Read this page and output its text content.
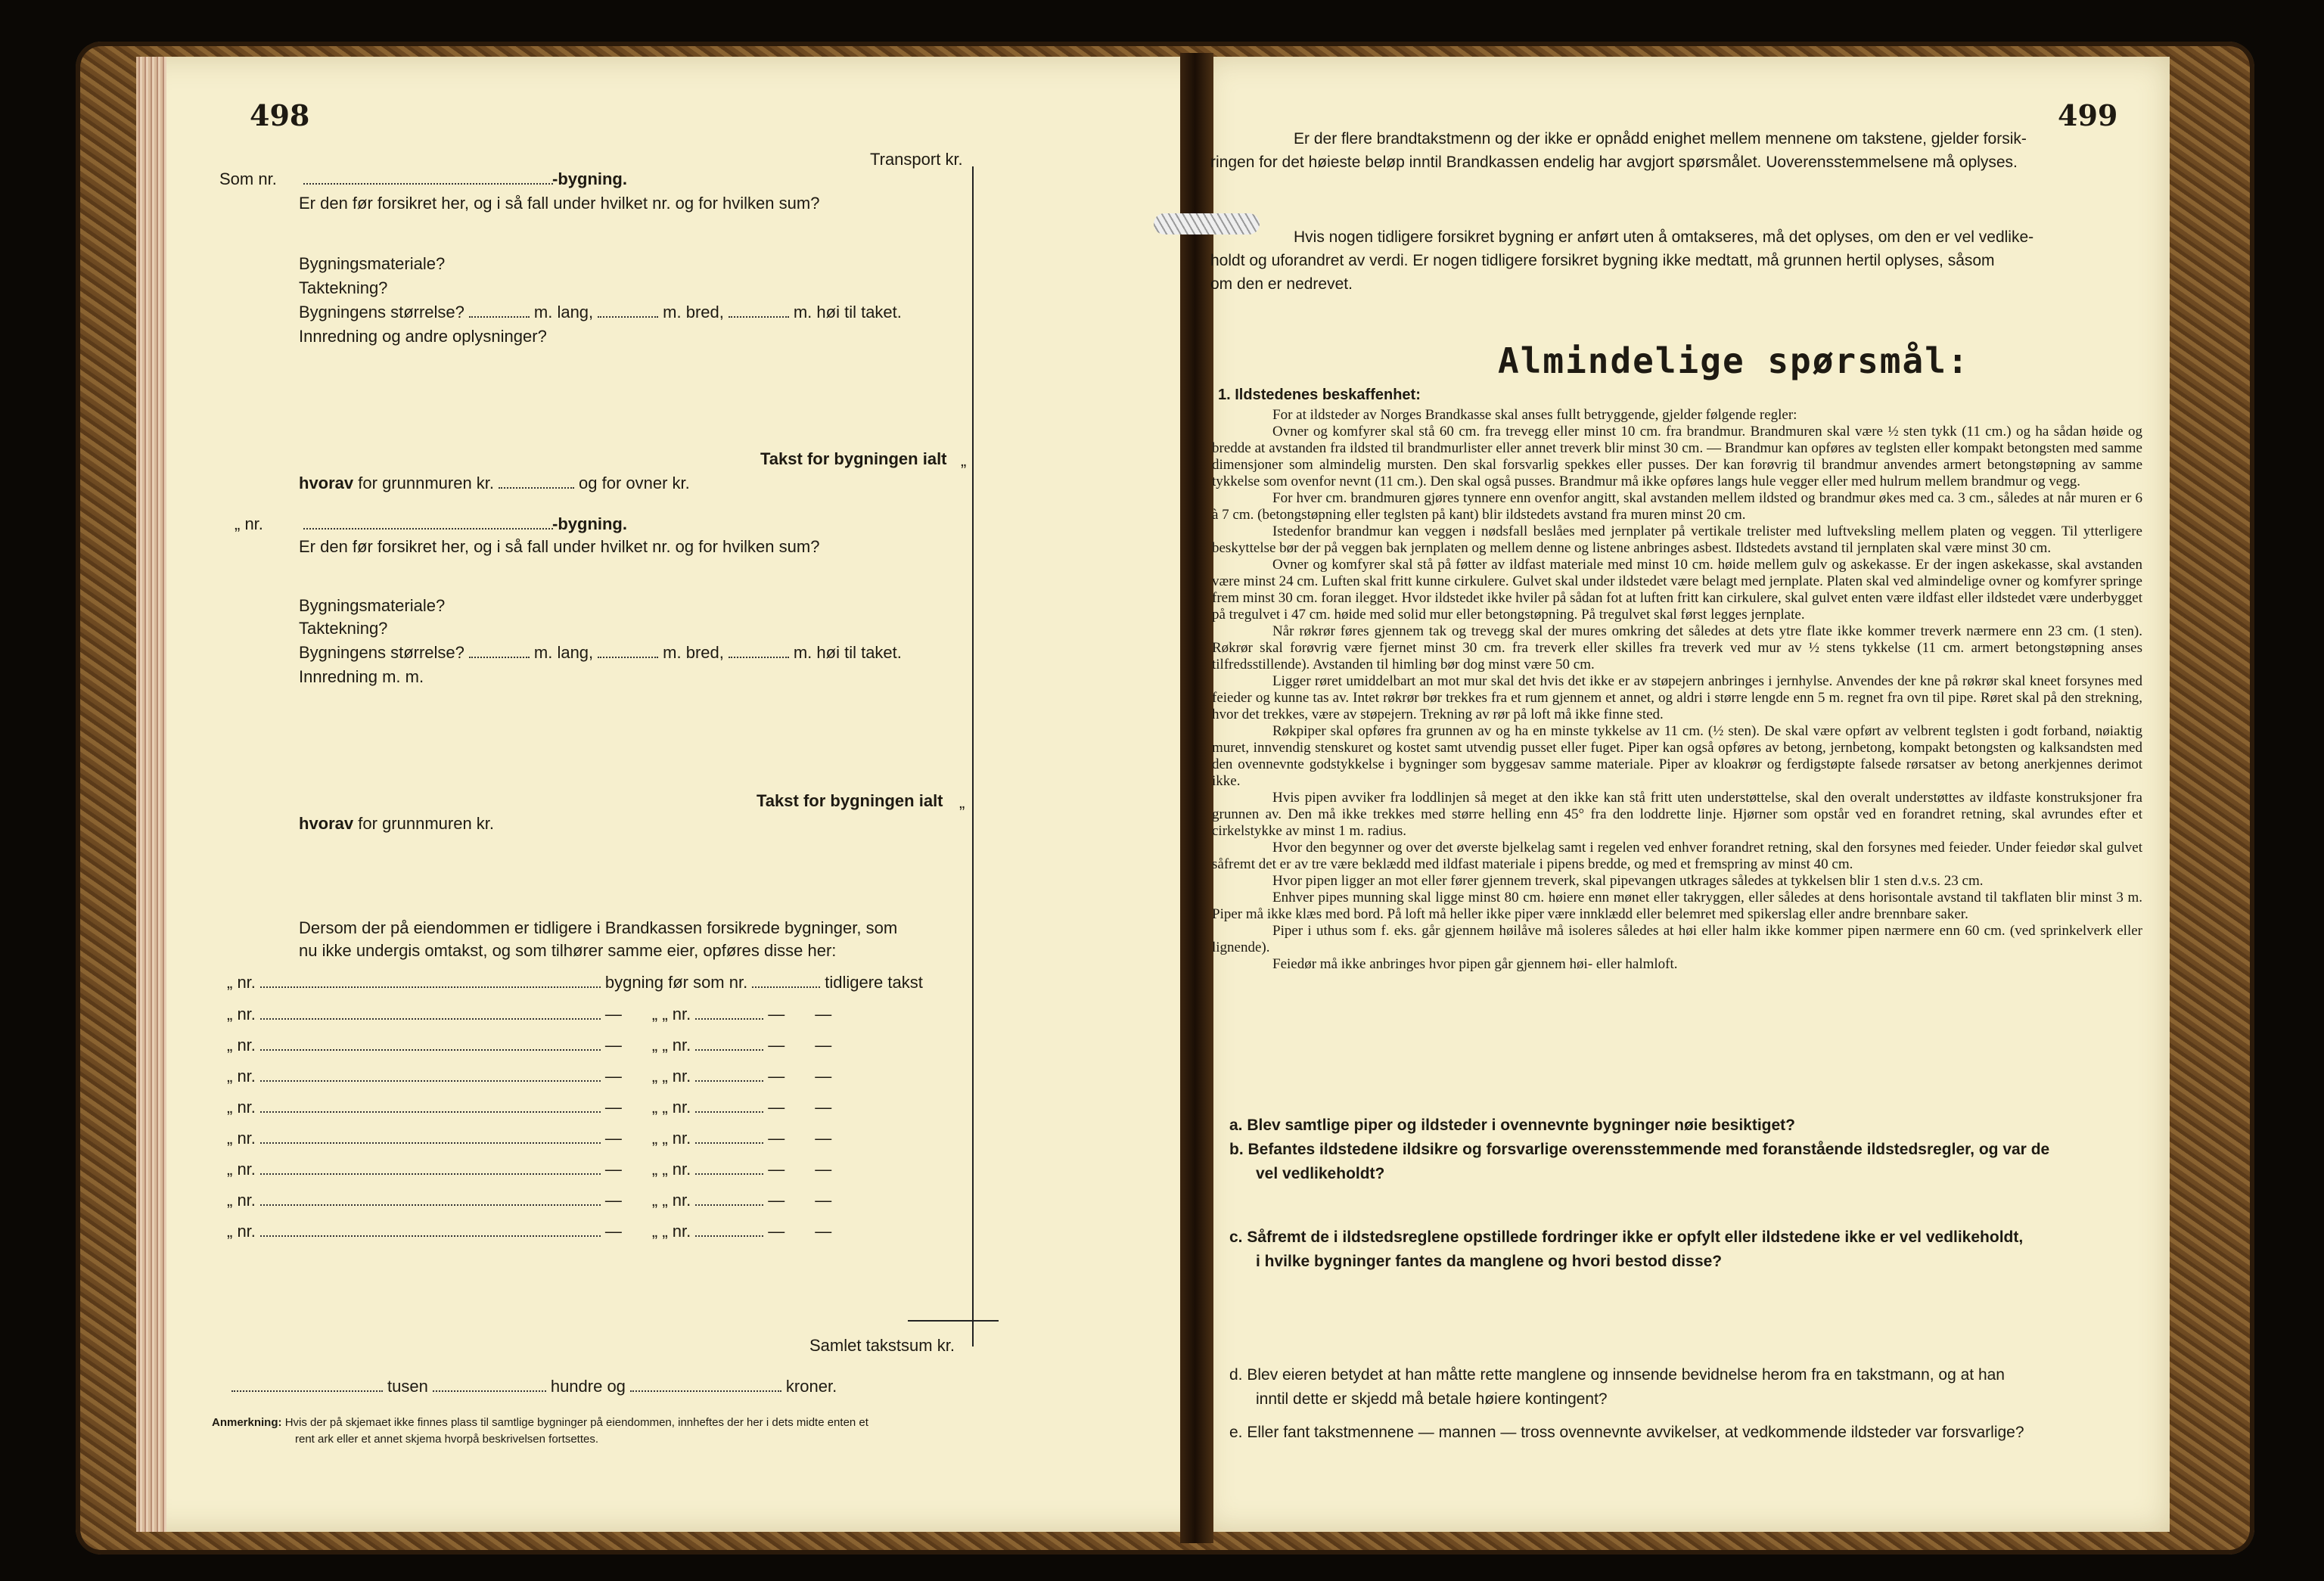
498
Transport kr.
Som nr.	-bygning.
Er den før forsikret her, og i så fall under hvilket nr. og for hvilken sum?
Bygningsmateriale?
Taktekning?
Bygningens størrelse?	m. lang,	m. bred,	m. høi til taket.
Innredning og andre oplysninger?
Takst for bygningen ialt „
hvorav for grunnmuren kr.	og for ovner kr.
„ nr.	-bygning.
Er den før forsikret her, og i så fall under hvilket nr. og for hvilken sum?
Bygningsmateriale?
Taktekning?
Bygningens størrelse?	m. lang,	m. bred,	m. høi til taket.
Innredning m. m.
Takst for bygningen ialt „
hvorav for grunnmuren kr.
Dersom der på eiendommen er tidligere i Brandkassen forsikrede bygninger, som
nu ikke undergis omtakst, og som tilhører samme eier, opføres disse her:
„ nr.	bygning før som nr.	tidligere takst
„ nr.	— „ „ nr.	— —
„ nr.	— „ „ nr.	— —
„ nr.	— „ „ nr.	— —
„ nr.	— „ „ nr.	— —
„ nr.	— „ „ nr.	— —
„ nr.	— „ „ nr.	— —
„ nr.	— „ „ nr.	— —
„ nr.	— „ „ nr.	— —
Samlet takstsum kr.
tusen	hundre og	kroner.
Anmerkning: Hvis der på skjemaet ikke finnes plass til samtlige bygninger på eiendommen, innheftes der her i dets midte enten et
rent ark eller et annet skjema hvorpå beskrivelsen fortsettes.
499
Er der flere brandtakstmenn og der ikke er opnådd enighet mellem mennene om takstene, gjelder forsik-
ringen for det høieste beløp inntil Brandkassen endelig har avgjort spørsmålet. Uoverensstemmelsene må oplyses.
Hvis nogen tidligere forsikret bygning er anført uten å omtakseres, må det oplyses, om den er vel vedlike-
holdt og uforandret av verdi. Er nogen tidligere forsikret bygning ikke medtatt, må grunnen hertil oplyses, såsom
om den er nedrevet.
Almindelige spørsmål:
1. Ildstedenes beskaffenhet:
For at ildsteder av Norges Brandkasse skal anses fullt betryggende, gjelder følgende regler:
Ovner og komfyrer skal stå 60 cm. fra trevegg eller minst 10 cm. fra brandmur. Brandmuren skal være ½ sten tykk (11 cm.) og ha sådan høide og bredde at avstanden fra ildsted til brandmurlister eller annet treverk blir minst 30 cm. — Brandmur kan opføres av teglsten eller kompakt betongsten med samme dimensjoner som almindelig mursten. Den skal forsvarlig spekkes eller pusses. Der kan forøvrig til brandmur anvendes armert betongstøpning av samme tykkelse som ovenfor nevnt (11 cm.). Den skal også pusses. Brandmur må ikke opføres langs hule vegger eller med hulrum mellem brandmur og vegg.
For hver cm. brandmuren gjøres tynnere enn ovenfor angitt, skal avstanden mellem ildsted og brandmur økes med ca. 3 cm., således at når muren er 6 à 7 cm. (betongstøpning eller teglsten på kant) blir ildstedets avstand fra muren minst 20 cm.
Istedenfor brandmur kan veggen i nødsfall beslåes med jernplater på vertikale trelister med luftveksling mellem platen og veggen. Til ytterligere beskyttelse bør der på veggen bak jernplaten og mellem denne og listene anbringes asbest. Ildstedets avstand til jernplaten skal være minst 30 cm.
Ovner og komfyrer skal stå på føtter av ildfast materiale med minst 10 cm. høide mellem gulv og askekasse. Er der ingen askekasse, skal avstanden være minst 24 cm. Luften skal fritt kunne cirkulere. Gulvet skal under ildstedet være belagt med jernplate. Platen skal ved almindelige ovner og komfyrer springe frem minst 30 cm. foran ilegget. Hvor ildstedet ikke hviler på sådan fot at luften fritt kan cirkulere, skal gulvet enten være ildfast eller ildstedet være underbygget på tregulvet i 47 cm. høide med solid mur eller betongstøpning. På tregulvet skal først legges jernplate.
Når røkrør føres gjennem tak og trevegg skal der mures omkring det således at dets ytre flate ikke kommer treverk nærmere enn 23 cm. (1 sten). Røkrør skal forøvrig være fjernet minst 30 cm. fra treverk eller skilles fra treverk ved mur av ½ stens tykkelse (11 cm. armert betongstøpning anses tilfredsstillende). Avstanden til himling bør dog minst være 50 cm.
Ligger røret umiddelbart an mot mur skal det hvis det ikke er av støpejern anbringes i jernhylse. Anvendes der kne på røkrør skal kneet forsynes med feieder og kunne tas av. Intet røkrør bør trekkes fra et rum gjennem et annet, og aldri i større lengde enn 5 m. regnet fra ovn til pipe. Røret skal på den strekning, hvor det trekkes, være av støpejern. Trekning av rør på loft må ikke finne sted.
Røkpiper skal opføres fra grunnen av og ha en minste tykkelse av 11 cm. (½ sten). De skal være opført av velbrent teglsten i godt forband, nøiaktig muret, innvendig stenskuret og kostet samt utvendig pusset eller fuget. Piper kan også opføres av betong, jernbetong, kompakt betongsten og kalksandsten med den ovennevnte godstykkelse i bygninger som byggesav samme materiale. Piper av kloakrør og ferdigstøpte falsede rørsatser av betong anerkjennes derimot ikke.
Hvis pipen avviker fra loddlinjen så meget at den ikke kan stå fritt uten understøttelse, skal den overalt understøttes av ildfaste konstruksjoner fra grunnen av. Den må ikke trekkes med større helling enn 45° fra den loddrette linje. Hjørner som opstår ved en forandret retning, skal avrundes efter et cirkelstykke av minst 1 m. radius.
Hvor den begynner og over det øverste bjelkelag samt i regelen ved enhver forandret retning, skal den forsynes med feieder. Under feiedør skal gulvet såfremt det er av tre være beklædd med ildfast materiale i pipens bredde, og med et fremspring av minst 40 cm.
Hvor pipen ligger an mot eller fører gjennem treverk, skal pipevangen utkrages således at tykkelsen blir 1 sten d.v.s. 23 cm.
Enhver pipes munning skal ligge minst 80 cm. høiere enn mønet eller takryggen, eller således at dens horisontale avstand til takflaten blir minst 3 m. Piper må ikke klæs med bord. På loft må heller ikke piper være innklædd eller belemret med spikerslag eller andre brennbare saker.
Piper i uthus som f. eks. går gjennem høilåve må isoleres således at høi eller halm ikke kommer pipen nærmere enn 60 cm. (ved sprinkelverk eller lignende).
Feiedør må ikke anbringes hvor pipen går gjennem høi- eller halmloft.
a. Blev samtlige piper og ildsteder i ovennevnte bygninger nøie besiktiget?
b. Befantes ildstedene ildsikre og forsvarlige overensstemmende med foranstående ildstedsregler, og var de
vel vedlikeholdt?
c. Såfremt de i ildstedsreglene opstillede fordringer ikke er opfylt eller ildstedene ikke er vel vedlikeholdt,
i hvilke bygninger fantes da manglene og hvori bestod disse?
d. Blev eieren betydet at han måtte rette manglene og innsende bevidnelse herom fra en takstmann, og at han
inntil dette er skjedd må betale høiere kontingent?
e. Eller fant takstmennene — mannen — tross ovennevnte avvikelser, at vedkommende ildsteder var forsvarlige?
